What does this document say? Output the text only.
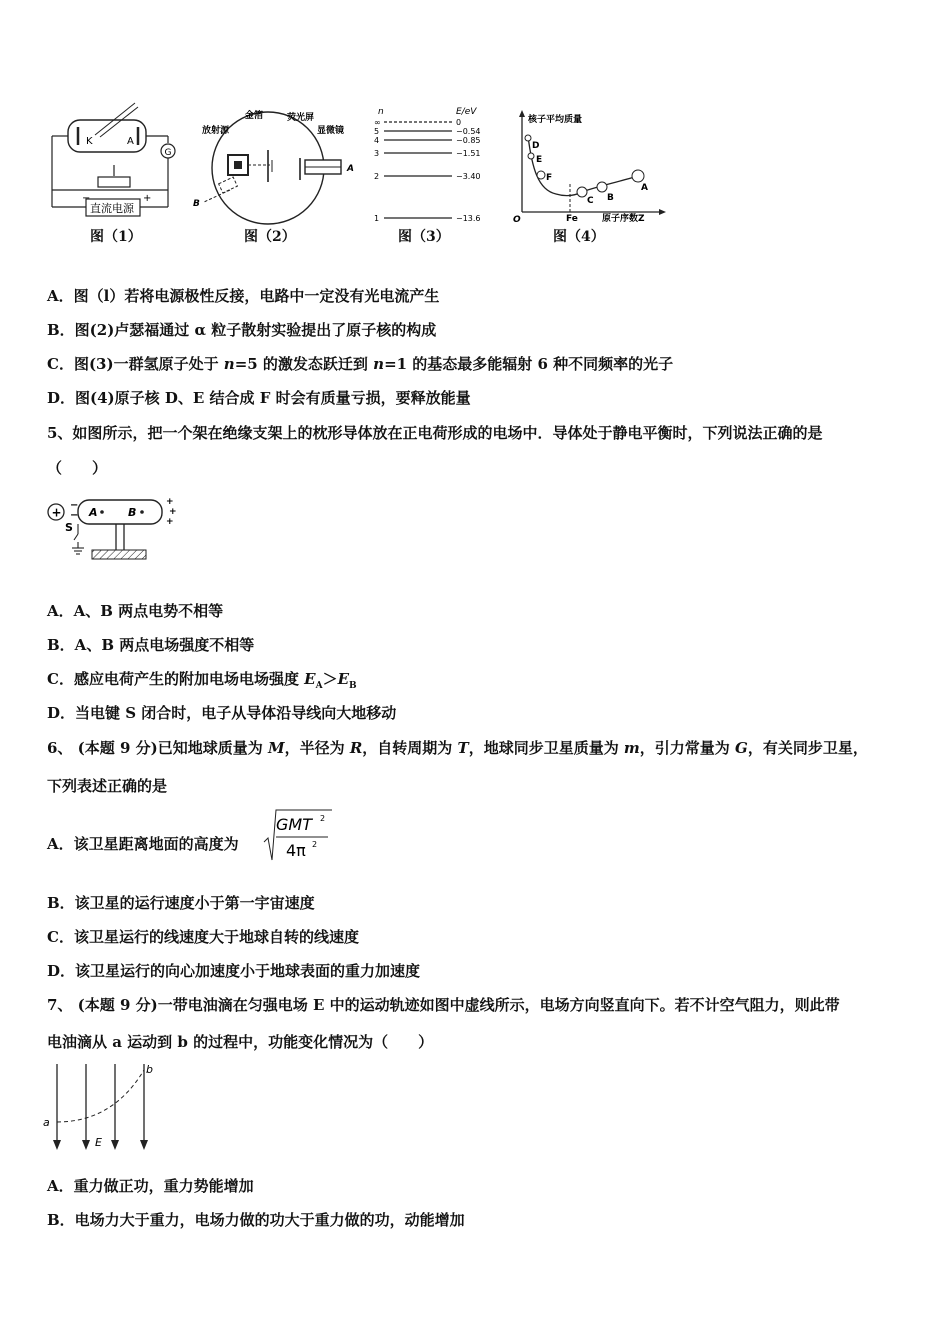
K	A
G
直流电源
−	+
图（1）
放射源
金箔	荧光屏
显微镜
A
B
图（2）
n	E/eV
∞	0
5	−0.54
4	−0.85
3	−1.51
2	−3.40
1	−13.6
图（3）
核子平均质量
原子序数Z
O	Fe
D
E
F
C B
A
图（4）
A．图（l）若将电源极性反接，电路中一定没有光电流产生
B．图(2)卢瑟福通过 α 粒子散射实验提出了原子核的构成
C．图(3)一群氢原子处于 n=5 的激发态跃迁到 n=1 的基态最多能辐射 6 种不同频率的光子
D．图(4)原子核 D、E 结合成 F 时会有质量亏损，要释放能量
5、如图所示，把一个架在绝缘支架上的枕形导体放在正电荷形成的电场中．导体处于静电平衡时，下列说法正确的是
（　　）
+ −
−
+
+
+
A	B
S
A．A、B 两点电势不相等
B．A、B 两点电场强度不相等
C．感应电荷产生的附加电场电场强度 $E_A>E_B$
D．当电键 S 闭合时，电子从导体沿导线向大地移动
6、 (本题 9 分)已知地球质量为 M，半径为 R，自转周期为 T，地球同步卫星质量为 m，引力常量为 G，有关同步卫星，
下列表述正确的是
A．该卫星距离地面的高度为
GMT 2
4π 2
B．该卫星的运行速度小于第一宇宙速度
C．该卫星运行的线速度大于地球自转的线速度
D．该卫星运行的向心加速度小于地球表面的重力加速度
7、 (本题 9 分)一带电油滴在匀强电场 E 中的运动轨迹如图中虚线所示，电场方向竖直向下。若不计空气阻力，则此带
电油滴从 a 运动到 b 的过程中，功能变化情况为（　　）
a
b
E
A．重力做正功，重力势能增加
B．电场力大于重力，电场力做的功大于重力做的功，动能增加
